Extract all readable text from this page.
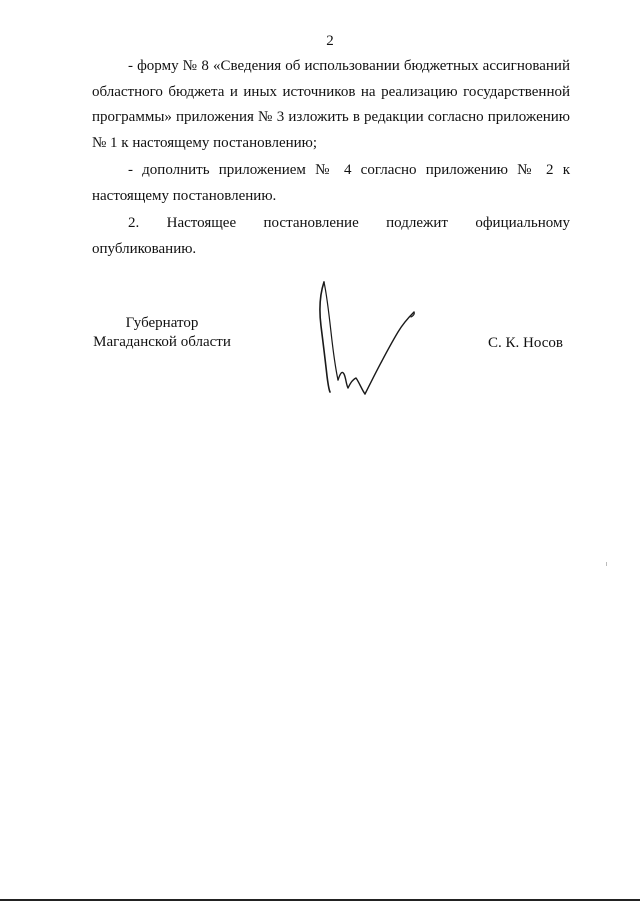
2

- форму № 8 «Сведения об использовании бюджетных ассигнований областного бюджета и иных источников на реализацию государственной программы» приложения № 3 изложить в редакции согласно приложению № 1 к настоящему постановлению;

- дополнить приложением № 4 согласно приложению № 2 к настоящему постановлению.

2. Настоящее постановление подлежит официальному опубликованию.

Губернатор
Магаданской области	С. К. Носов
